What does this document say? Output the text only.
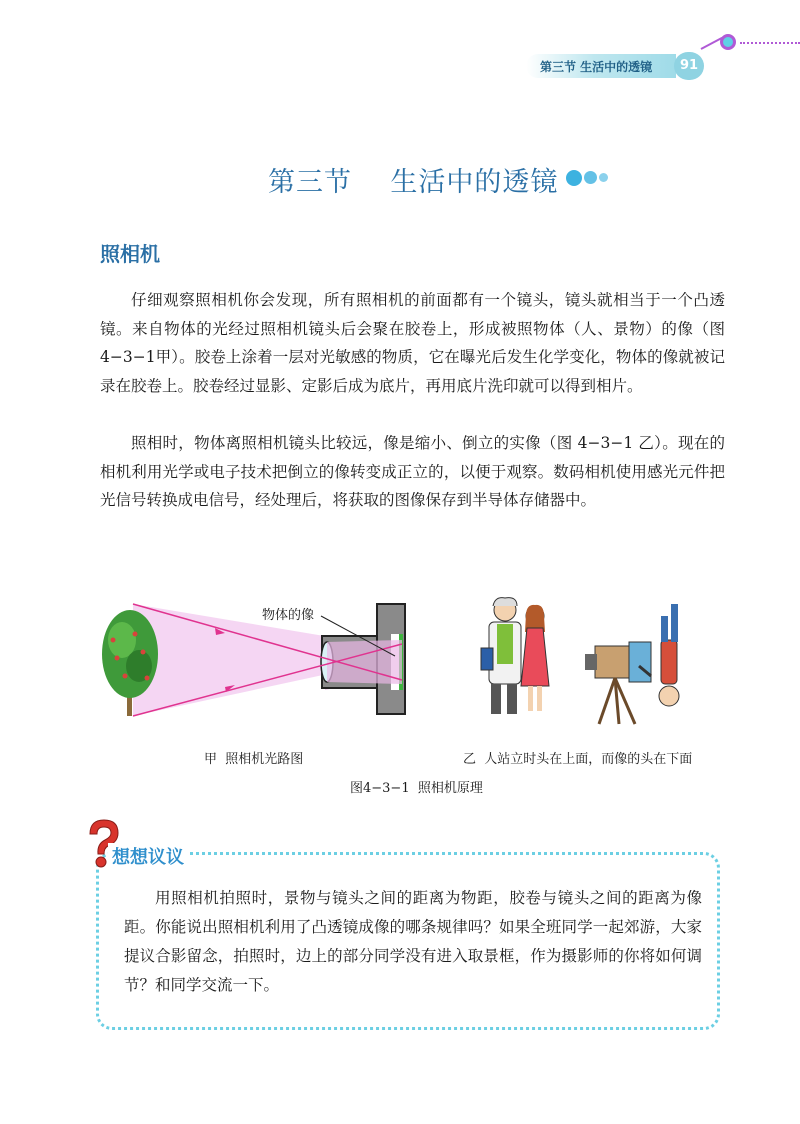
第三节 生活中的透镜	91
第三节    生活中的透镜
照相机

仔细观察照相机你会发现，所有照相机的前面都有一个镜头，镜头就相当于一个凸透镜。来自物体的光经过照相机镜头后会聚在胶卷上，形成被照物体（人、景物）的像（图4−3−1甲）。胶卷上涂着一层对光敏感的物质，它在曝光后发生化学变化，物体的像就被记录在胶卷上。胶卷经过显影、定影后成为底片，再用底片洗印就可以得到相片。

照相时，物体离照相机镜头比较远，像是缩小、倒立的实像（图 4−3−1 乙）。现在的相机利用光学或电子技术把倒立的像转变成正立的，以便于观察。数码相机使用感光元件把光信号转换成电信号，经处理后，将获取的图像保存到半导体存储器中。

物体的像
甲  照相机光路图	乙  人站立时头在上面，而像的头在下面
图4−3−1  照相机原理
想想议议

用照相机拍照时，景物与镜头之间的距离为物距，胶卷与镜头之间的距离为像距。你能说出照相机利用了凸透镜成像的哪条规律吗？如果全班同学一起郊游，大家提议合影留念，拍照时，边上的部分同学没有进入取景框，作为摄影师的你将如何调节？和同学交流一下。
